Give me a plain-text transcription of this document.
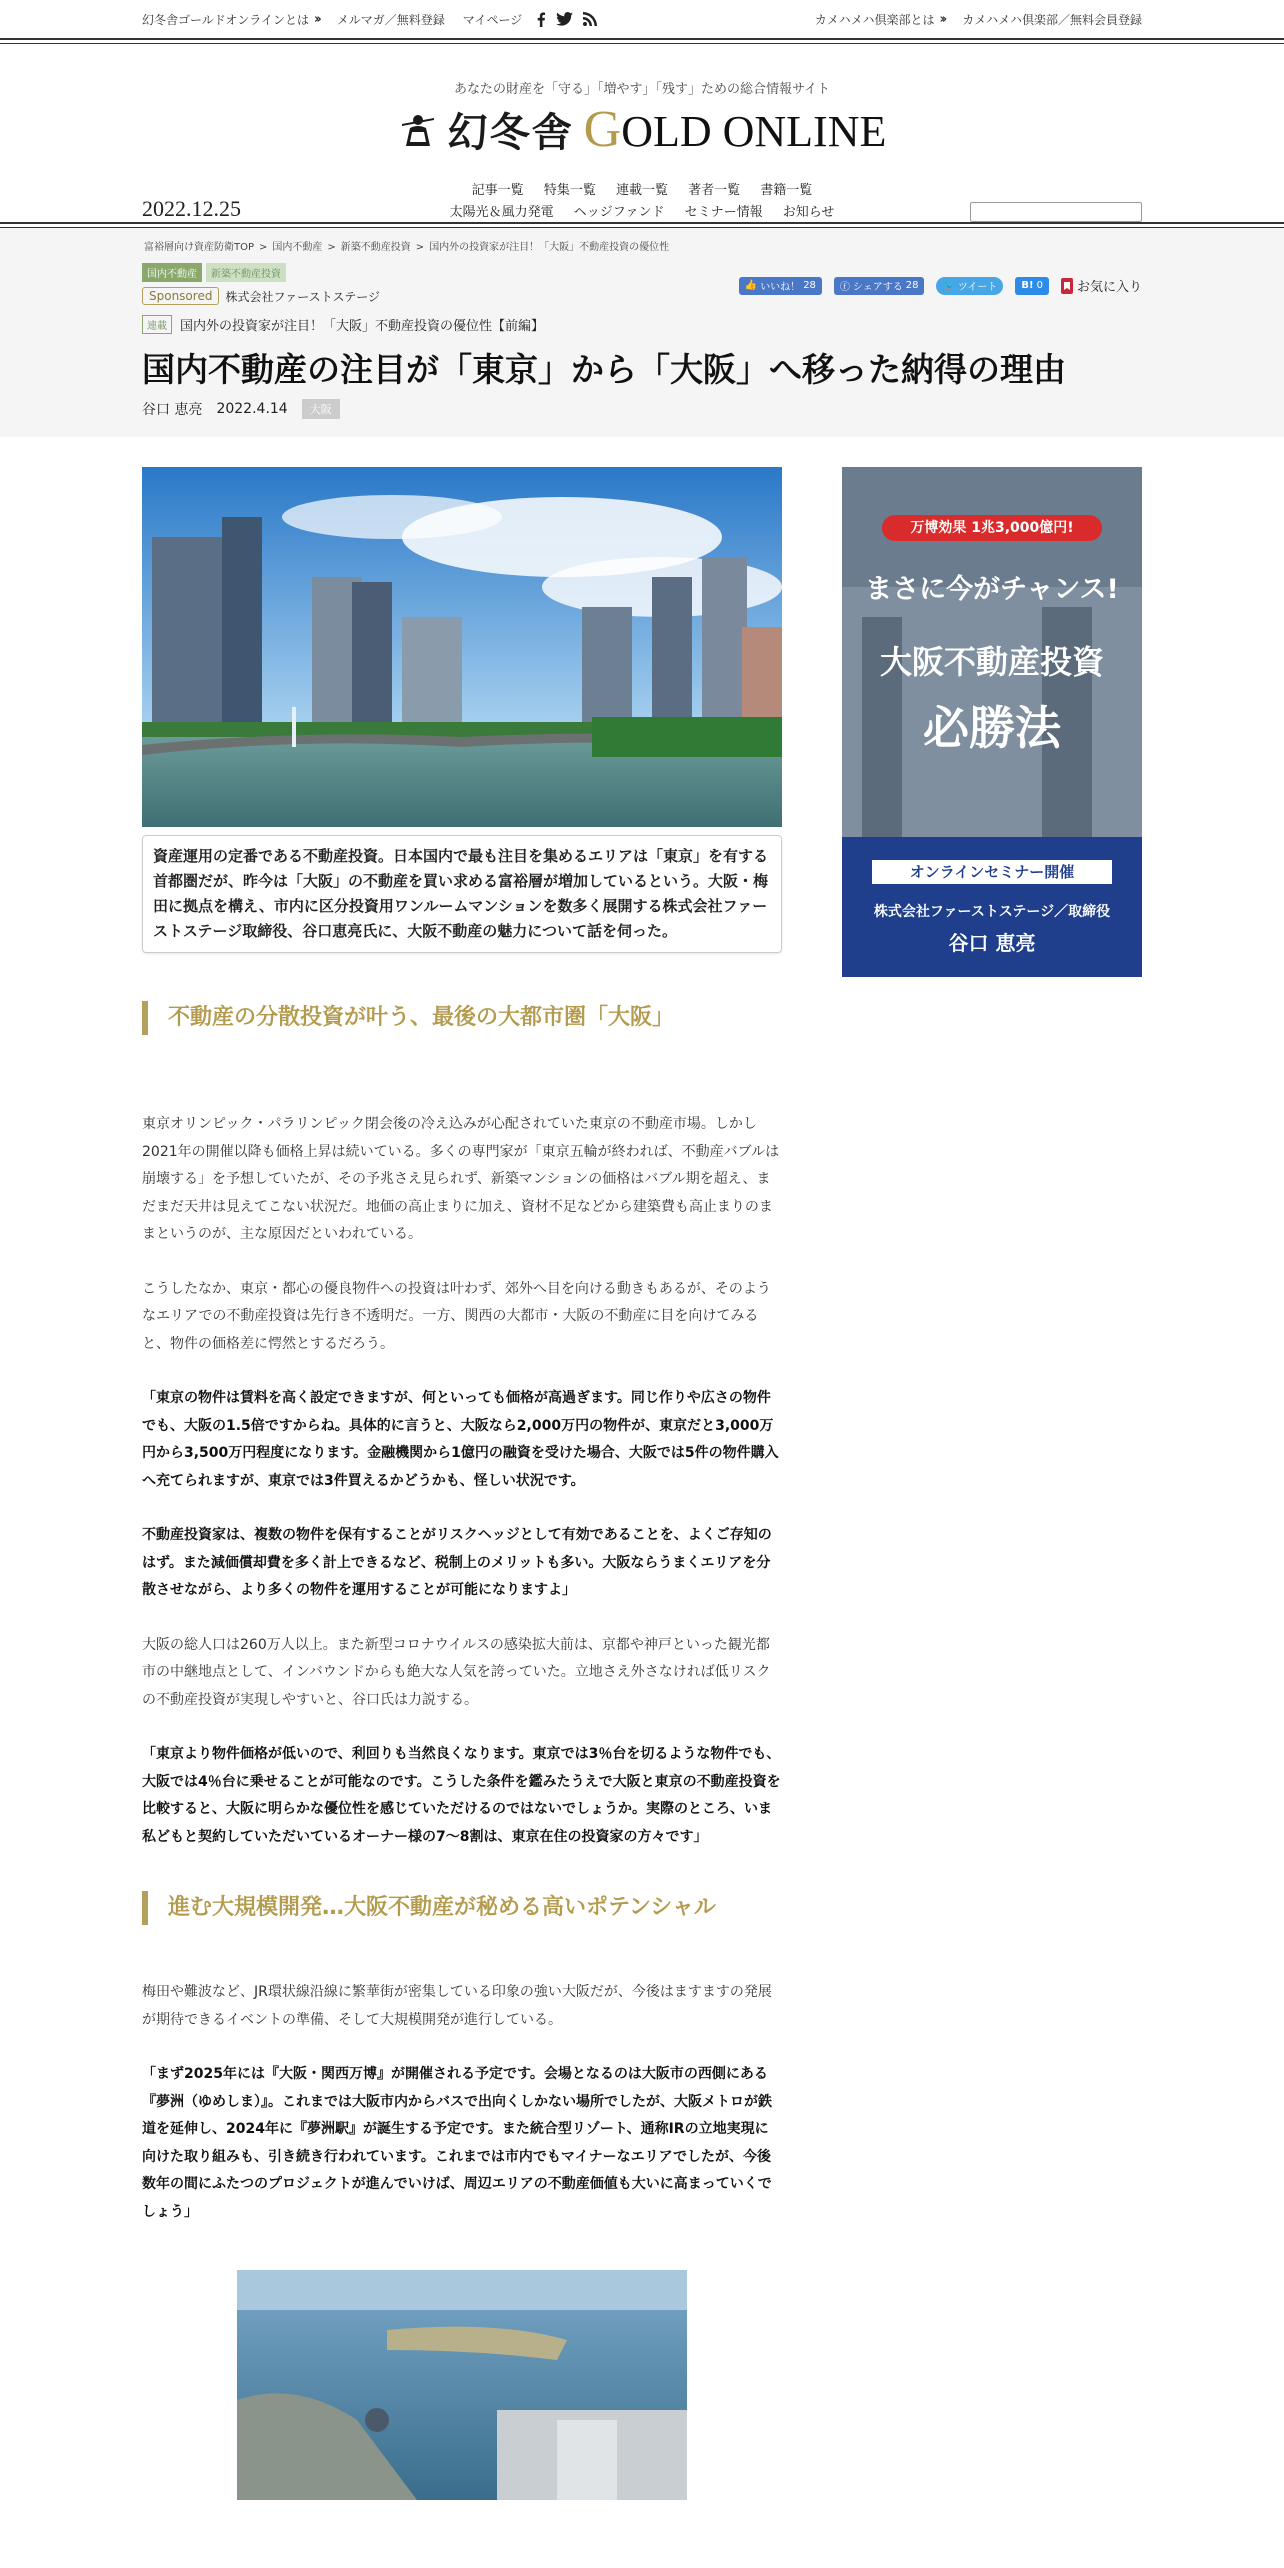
幻冬舎ゴールドオンラインとは ›› メルマガ／無料登録 マイページ	カメハメハ倶楽部とは ›› カメハメハ倶楽部／無料会員登録
あなたの財産を「守る」「増やす」「残す」ための総合情報サイト
幻冬舎 GOLD ONLINE
2022.12.25
記事一覧 特集一覧 連載一覧 著者一覧 書籍一覧
太陽光＆風力発電 ヘッジファンド セミナー情報 お知らせ
富裕層向け資産防衛TOP > 国内不動産 > 新築不動産投資 > 国内外の投資家が注目！「大阪」不動産投資の優位性
国内不動産	新築不動産投資
Sponsored	株式会社ファーストステージ
連載	国内外の投資家が注目！「大阪」不動産投資の優位性【前編】
国内不動産の注目が「東京」から「大阪」へ移った納得の理由
谷口 恵亮 2022.4.14	大阪
👍 いいね！ 28 ⓕ シェアする 28 🐦 ツイート B! 0	お気に入り
資産運用の定番である不動産投資。日本国内で最も注目を集めるエリアは「東京」を有する首都圏だが、昨今は「大阪」の不動産を買い求める富裕層が増加しているという。大阪・梅田に拠点を構え、市内に区分投資用ワンルームマンションを数多く展開する株式会社ファーストステージ取締役、谷口恵亮氏に、大阪不動産の魅力について話を伺った。
不動産の分散投資が叶う、最後の大都市圏「大阪」

東京オリンピック・パラリンピック閉会後の冷え込みが心配されていた東京の不動産市場。しかし2021年の開催以降も価格上昇は続いている。多くの専門家が「東京五輪が終われば、不動産バブルは崩壊する」を予想していたが、その予兆さえ見られず、新築マンションの価格はバブル期を超え、まだまだ天井は見えてこない状況だ。地価の高止まりに加え、資材不足などから建築費も高止まりのままというのが、主な原因だといわれている。

こうしたなか、東京・都心の優良物件への投資は叶わず、郊外へ目を向ける動きもあるが、そのようなエリアでの不動産投資は先行き不透明だ。一方、関西の大都市・大阪の不動産に目を向けてみると、物件の価格差に愕然とするだろう。

「東京の物件は賃料を高く設定できますが、何といっても価格が高過ぎます。同じ作りや広さの物件でも、大阪の1.5倍ですからね。具体的に言うと、大阪なら2,000万円の物件が、東京だと3,000万円から3,500万円程度になります。金融機関から1億円の融資を受けた場合、大阪では5件の物件購入へ充てられますが、東京では3件買えるかどうかも、怪しい状況です。

不動産投資家は、複数の物件を保有することがリスクヘッジとして有効であることを、よくご存知のはず。また減価償却費を多く計上できるなど、税制上のメリットも多い。大阪ならうまくエリアを分散させながら、より多くの物件を運用することが可能になりますよ」

大阪の総人口は260万人以上。また新型コロナウイルスの感染拡大前は、京都や神戸といった観光都市の中継地点として、インバウンドからも絶大な人気を誇っていた。立地さえ外さなければ低リスクの不動産投資が実現しやすいと、谷口氏は力説する。

「東京より物件価格が低いので、利回りも当然良くなります。東京では3％台を切るような物件でも、大阪では4％台に乗せることが可能なのです。こうした条件を鑑みたうえで大阪と東京の不動産投資を比較すると、大阪に明らかな優位性を感じていただけるのではないでしょうか。実際のところ、いま私どもと契約していただいているオーナー様の7～8割は、東京在住の投資家の方々です」

進む大規模開発…大阪不動産が秘める高いポテンシャル

梅田や難波など、JR環状線沿線に繁華街が密集している印象の強い大阪だが、今後はますますの発展が期待できるイベントの準備、そして大規模開発が進行している。

「まず2025年には『大阪・関西万博』が開催される予定です。会場となるのは大阪市の西側にある『夢洲（ゆめしま）』。これまでは大阪市内からバスで出向くしかない場所でしたが、大阪メトロが鉄道を延伸し、2024年に『夢洲駅』が誕生する予定です。また統合型リゾート、通称IRの立地実現に向けた取り組みも、引き続き行われています。これまでは市内でもマイナーなエリアでしたが、今後数年の間にふたつのプロジェクトが進んでいけば、周辺エリアの不動産価値も大いに高まっていくでしょう」

万博効果 1兆3,000億円!
まさに今がチャンス!
大阪不動産投資
必勝法
オンラインセミナー開催
株式会社ファーストステージ／取締役
谷口 恵亮
